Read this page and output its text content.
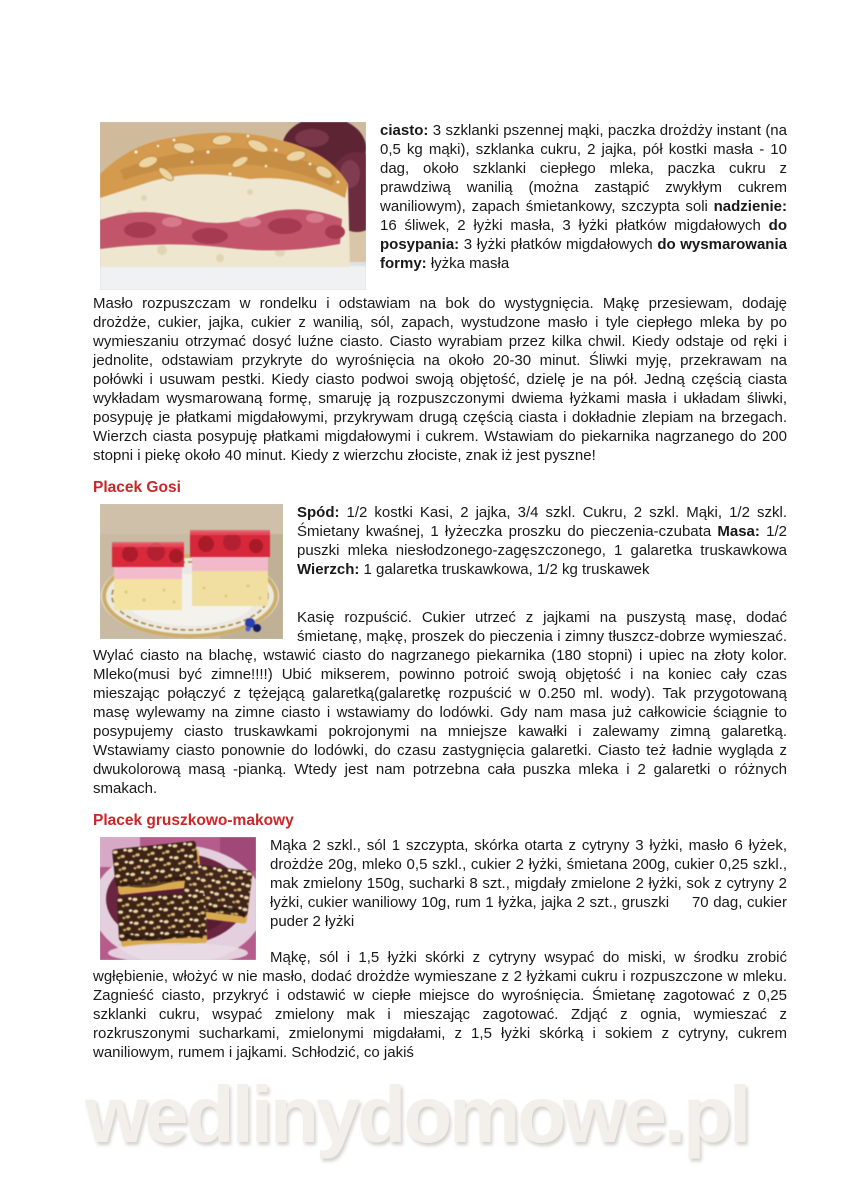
wedlinydomowe.pl

ciasto: 3 szklanki pszennej mąki, paczka drożdży instant (na 0,5 kg mąki), szklanka cukru, 2 jajka, pół kostki masła - 10 dag, około szklanki ciepłego mleka, paczka cukru z prawdziwą wanilią (można zastąpić zwykłym cukrem waniliowym), zapach śmietankowy, szczypta soli nadzienie: 16 śliwek, 2 łyżki masła, 3 łyżki płatków migdałowych do posypania: 3 łyżki płatków migdałowych do wysmarowania formy: łyżka masła

Masło rozpuszczam w rondelku i odstawiam na bok do wystygnięcia. Mąkę przesiewam, dodaję drożdże, cukier, jajka, cukier z wanilią, sól, zapach, wystudzone masło i tyle ciepłego mleka by po wymieszaniu otrzymać dosyć luźne ciasto. Ciasto wyrabiam przez kilka chwil. Kiedy odstaje od ręki i jednolite, odstawiam przykryte do wyrośnięcia na około 20-30 minut. Śliwki myję, przekrawam na połówki i usuwam pestki. Kiedy ciasto podwoi swoją objętość, dzielę je na pół. Jedną częścią ciasta wykładam wysmarowaną formę, smaruję ją rozpuszczonymi dwiema łyżkami masła i układam śliwki, posypuję je płatkami migdałowymi, przykrywam drugą częścią ciasta i dokładnie zlepiam na brzegach. Wierzch ciasta posypuję płatkami migdałowymi i cukrem. Wstawiam do piekarnika nagrzanego do 200 stopni i piekę około 40 minut. Kiedy z wierzchu złociste, znak iż jest pyszne!

Placek Gosi

Spód: 1/2 kostki Kasi, 2 jajka, 3/4 szkl. Cukru, 2 szkl. Mąki, 1/2 szkl. Śmietany kwaśnej, 1 łyżeczka proszku do pieczenia-czubata Masa: 1/2 puszki mleka niesłodzonego-zagęszczonego, 1 galaretka truskawkowa Wierzch: 1 galaretka truskawkowa, 1/2 kg truskawek

Kasię rozpuścić. Cukier utrzeć z jajkami na puszystą masę, dodać śmietanę, mąkę, proszek do pieczenia i zimny tłuszcz-dobrze wymieszać. Wylać ciasto na blachę, wstawić ciasto do nagrzanego piekarnika (180 stopni) i upiec na złoty kolor. Mleko(musi być zimne!!!!) Ubić mikserem, powinno potroić swoją objętość i na koniec cały czas mieszając połączyć z tężejącą galaretką(galaretkę rozpuścić w 0.250 ml. wody). Tak przygotowaną masę wylewamy na zimne ciasto i wstawiamy do lodówki. Gdy nam masa już całkowicie ściągnie to posypujemy ciasto truskawkami pokrojonymi na mniejsze kawałki i zalewamy zimną galaretką. Wstawiamy ciasto ponownie do lodówki, do czasu zastygnięcia galaretki. Ciasto też ładnie wygląda z dwukolorową masą -pianką. Wtedy jest nam potrzebna cała puszka mleka i 2 galaretki o różnych smakach.

Placek gruszkowo-makowy

Mąka 2 szkl., sól 1 szczypta, skórka otarta z cytryny 3 łyżki, masło 6 łyżek, drożdże 20g, mleko 0,5 szkl., cukier 2 łyżki, śmietana 200g, cukier 0,25 szkl., mak zmielony 150g, sucharki 8 szt., migdały zmielone 2 łyżki, sok z cytryny 2 łyżki, cukier waniliowy 10g, rum 1 łyżka, jajka 2 szt., gruszki     70 dag, cukier puder 2 łyżki

Mąkę, sól i 1,5 łyżki skórki z cytryny wsypać do miski, w środku zrobić wgłębienie, włożyć w nie masło, dodać drożdże wymieszane z 2 łyżkami cukru i rozpuszczone w mleku. Zagnieść ciasto, przykryć i odstawić w ciepłe miejsce do wyrośnięcia. Śmietanę zagotować z 0,25 szklanki cukru, wsypać zmielony mak i mieszając zagotować. Zdjąć z ognia, wymieszać z rozkruszonymi sucharkami, zmielonymi migdałami, z 1,5 łyżki skórką i sokiem z cytryny, cukrem waniliowym, rumem i jajkami. Schłodzić, co jakiś
